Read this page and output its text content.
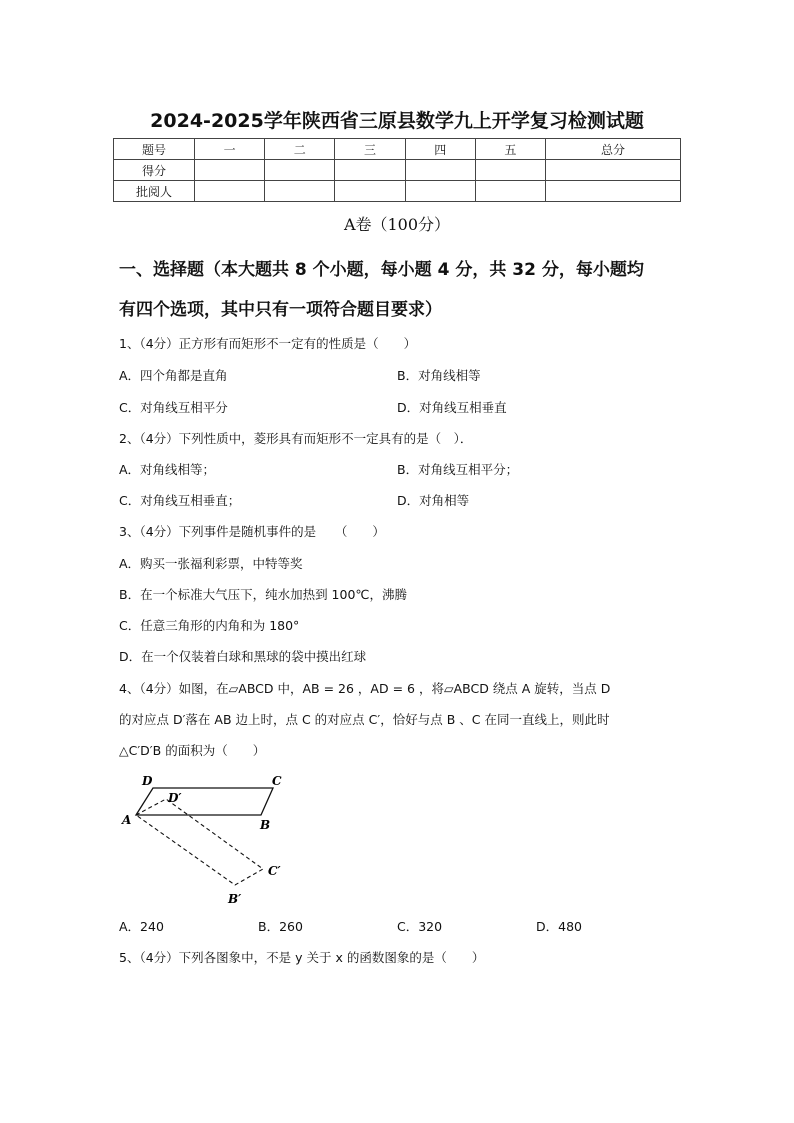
2024-2025学年陕西省三原县数学九上开学复习检测试题
题号	一	二	三	四	五	总分
得分						
批阅人						
A卷（100分）
一、选择题（本大题共 8 个小题，每小题 4 分，共 32 分，每小题均
有四个选项，其中只有一项符合题目要求）
1、（4分）正方形有而矩形不一定有的性质是（　　）
A．四个角都是直角	B．对角线相等
C．对角线互相平分	D．对角线互相垂直
2、（4分）下列性质中，菱形具有而矩形不一定具有的是（　）．
A．对角线相等；	B．对角线互相平分；
C．对角线互相垂直；	D．对角相等
3、（4分）下列事件是随机事件的是　　（　　）
A．购买一张福利彩票，中特等奖
B．在一个标准大气压下，纯水加热到 100℃，沸腾
C．任意三角形的内角和为 180°
D．在一个仅装着白球和黑球的袋中摸出红球
4、（4分）如图，在▱ABCD 中，AB = 26 ，AD = 6 ，将▱ABCD 绕点 A 旋转，当点 D
的对应点 D′落在 AB 边上时，点 C 的对应点 C′，恰好与点 B 、C 在同一直线上，则此时
△C′D′B 的面积为（　　）
D	C
D′
A	B
C′
B′
A．240	B．260	C．320	D．480
5、（4分）下列各图象中，不是 y 关于 x 的函数图象的是（　　）
